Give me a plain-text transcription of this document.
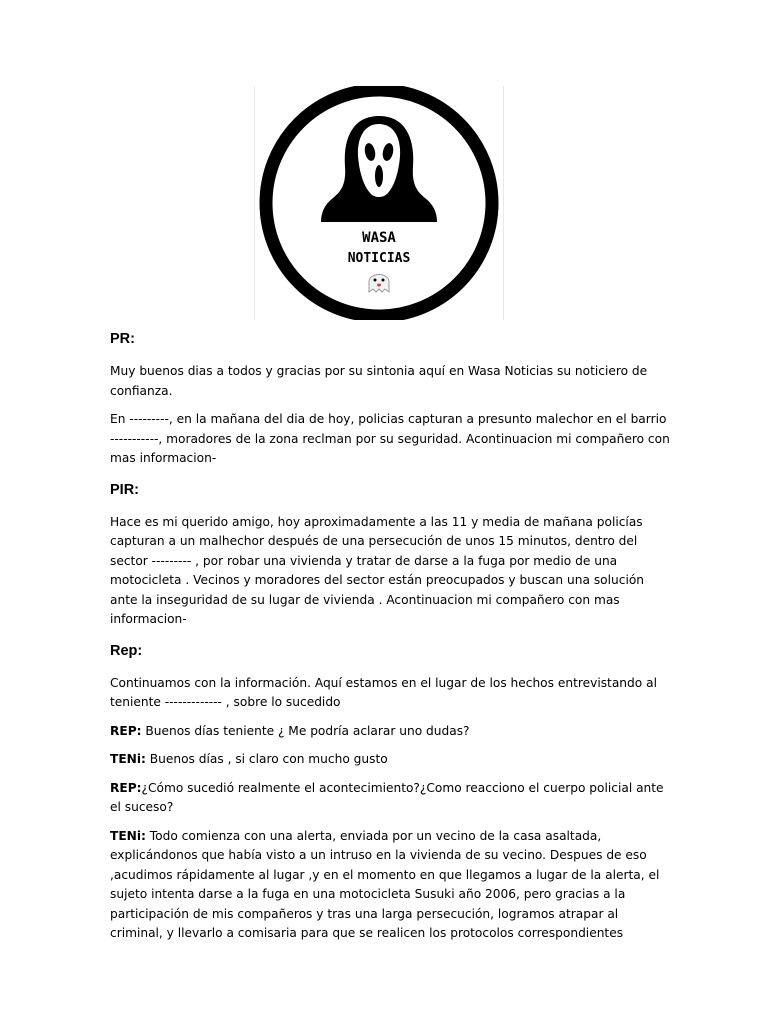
WASA
NOTICIAS
PR:

Muy buenos dias a todos y gracias por su sintonia aquí en Wasa Noticias su noticiero de confianza.

En ---------, en la mañana del dia de hoy, policias capturan a presunto malechor en el barrio -----------, moradores de la zona reclman por su seguridad. Acontinuacion mi compañero con mas informacion-

PIR:

Hace es mi querido amigo, hoy aproximadamente a las 11 y media de mañana policías capturan a un malhechor después de una persecución de unos 15 minutos, dentro del sector --------- , por robar una vivienda y tratar de darse a la fuga por medio de una motocicleta . Vecinos y moradores del sector están preocupados y buscan una solución ante la inseguridad de su lugar de vivienda . Acontinuacion mi compañero con mas informacion-

Rep:

Continuamos con la información. Aquí estamos en el lugar de los hechos entrevistando al teniente ------------- , sobre lo sucedido

REP: Buenos días teniente ¿ Me podría aclarar uno dudas?

TENi: Buenos días , si claro con mucho gusto

REP:¿Cómo sucedió realmente el acontecimiento?¿Como reacciono el cuerpo policial ante el suceso?

TENi: Todo comienza con una alerta, enviada por un vecino de la casa asaltada, explicándonos que había visto a un intruso en la vivienda de su vecino. Despues de eso ,acudimos rápidamente al lugar ,y en el momento en que llegamos a lugar de la alerta, el sujeto intenta darse a la fuga en una motocicleta Susuki año 2006, pero gracias a la participación de mis compañeros y tras una larga persecución, logramos atrapar al criminal, y llevarlo a comisaria para que se realicen los protocolos correspondientes
